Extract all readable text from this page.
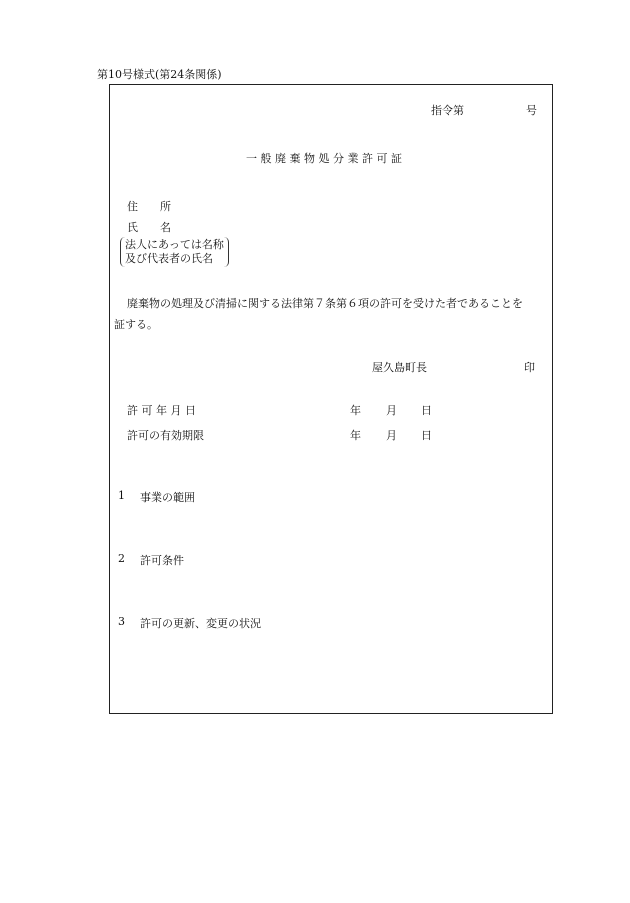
第10号様式(第24条関係)
指令第	号
一 般 廃 棄 物 処 分 業 許 可 証
住　　所
氏　　名
法人にあっては名称
及び代表者の氏名
廃棄物の処理及び清掃に関する法律第７条第６項の許可を受けた者であることを
証する。
屋久島町長	印
許 可 年 月 日	年 月 日
許可の有効期限	年 月 日
1 事業の範囲
2 許可条件
3 許可の更新、変更の状況
